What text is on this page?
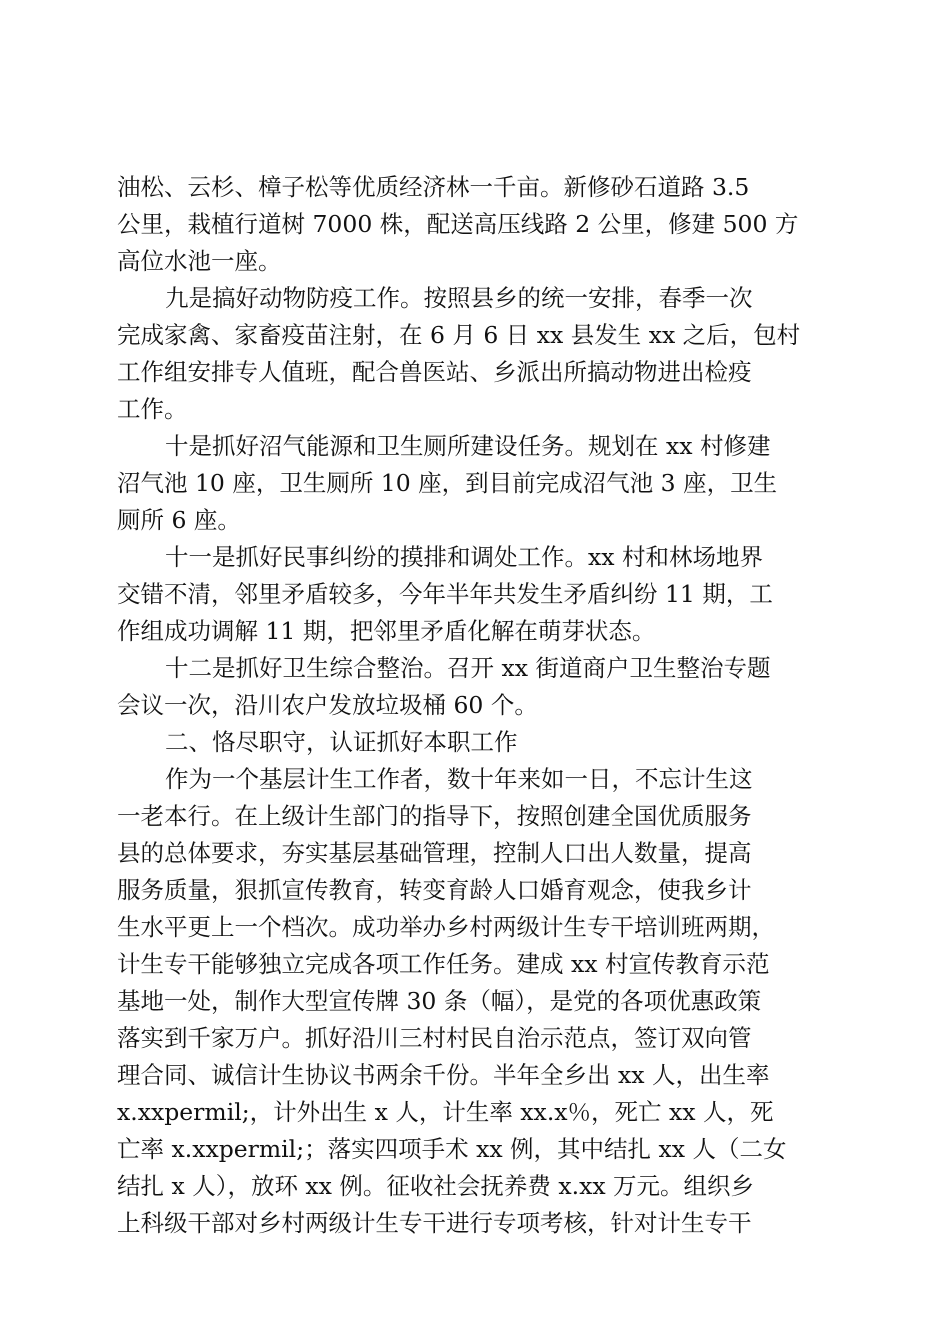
油松、云杉、樟子松等优质经济林一千亩。新修砂石道路 3.5
公里，栽植行道树 7000 株，配送高压线路 2 公里，修建 500 方
高位水池一座。
九是搞好动物防疫工作。按照县乡的统一安排，春季一次
完成家禽、家畜疫苗注射，在 6 月 6 日 xx 县发生 xx 之后，包村
工作组安排专人值班，配合兽医站、乡派出所搞动物进出检疫
工作。
十是抓好沼气能源和卫生厕所建设任务。规划在 xx 村修建
沼气池 10 座，卫生厕所 10 座，到目前完成沼气池 3 座，卫生
厕所 6 座。
十一是抓好民事纠纷的摸排和调处工作。xx 村和林场地界
交错不清，邻里矛盾较多，今年半年共发生矛盾纠纷 11 期，工
作组成功调解 11 期，把邻里矛盾化解在萌芽状态。
十二是抓好卫生综合整治。召开 xx 街道商户卫生整治专题
会议一次，沿川农户发放垃圾桶 60 个。
二、恪尽职守，认证抓好本职工作
作为一个基层计生工作者，数十年来如一日，不忘计生这
一老本行。在上级计生部门的指导下，按照创建全国优质服务
县的总体要求，夯实基层基础管理，控制人口出人数量，提高
服务质量，狠抓宣传教育，转变育龄人口婚育观念，使我乡计
生水平更上一个档次。成功举办乡村两级计生专干培训班两期，
计生专干能够独立完成各项工作任务。建成 xx 村宣传教育示范
基地一处，制作大型宣传牌 30 条（幅），是党的各项优惠政策
落实到千家万户。抓好沿川三村村民自治示范点，签订双向管
理合同、诚信计生协议书两余千份。半年全乡出 xx 人，出生率
x.xxpermil;，计外出生 x 人，计生率 xx.x％，死亡 xx 人，死
亡率 x.xxpermil;；落实四项手术 xx 例，其中结扎 xx 人（二女
结扎 x 人），放环 xx 例。征收社会抚养费 x.xx 万元。组织乡
上科级干部对乡村两级计生专干进行专项考核，针对计生专干
